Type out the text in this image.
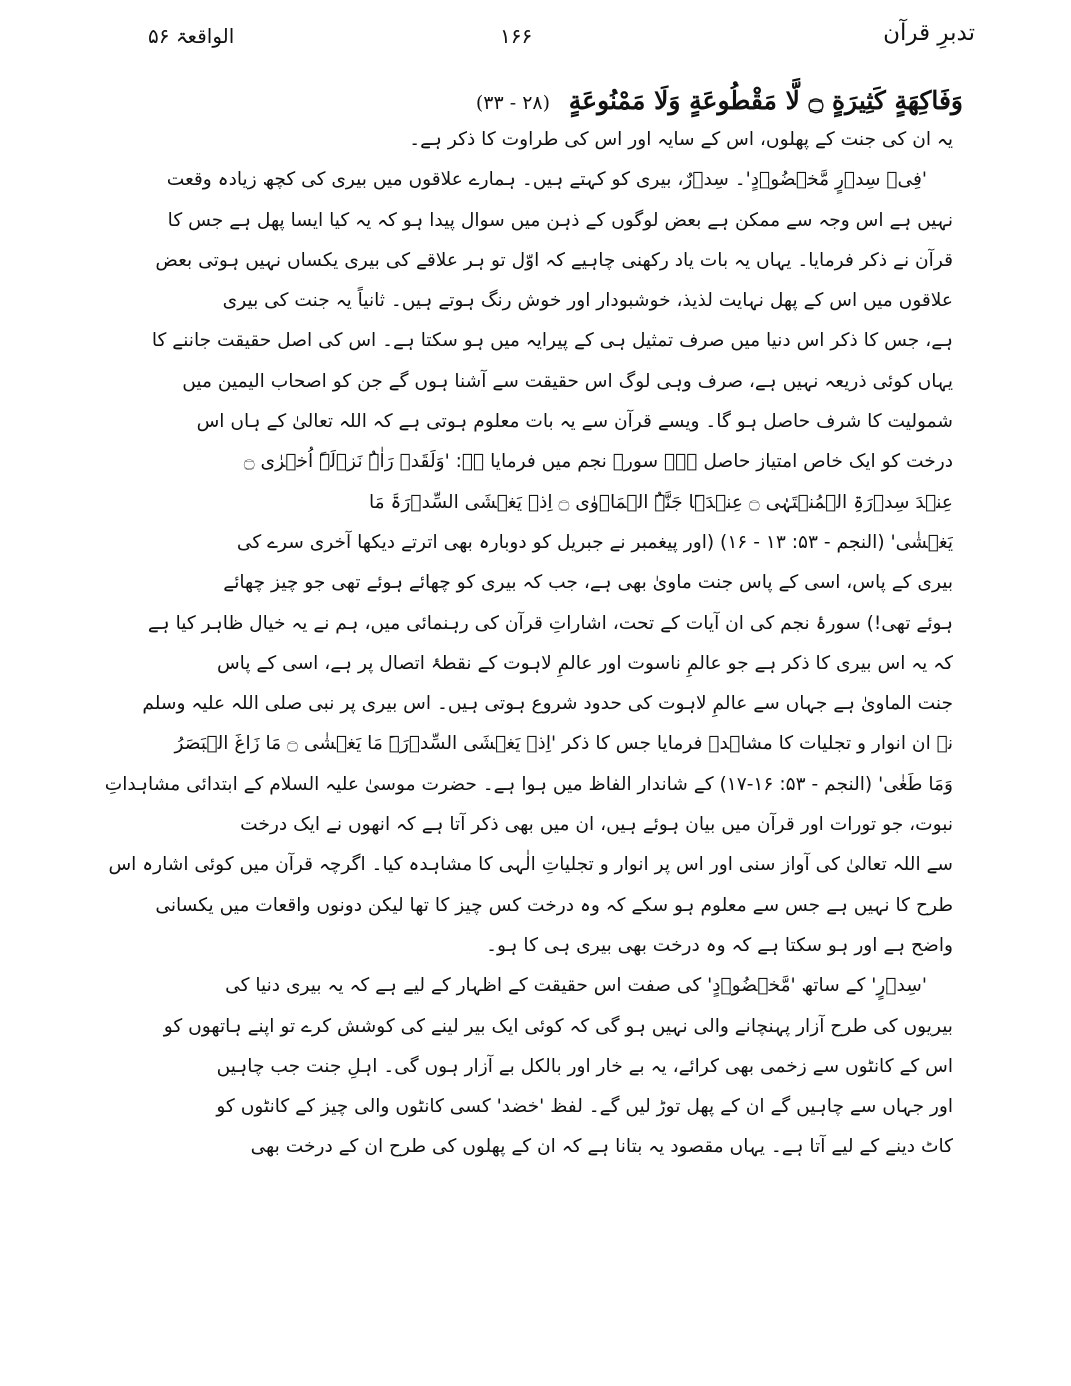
تدبرِ قرآن
۱۶۶
الواقعۃ ۵۶
وَفَاكِهَةٍ كَثِيرَةٍ ۝ لَّا مَقْطُوعَةٍ وَلَا مَمْنُوعَةٍ (۲۸ - ۳۳)
یہ ان کی جنت کے پھلوں، اس کے سایہ اور اس کی طراوت کا ذکر ہے۔
'فِیۡ سِدۡرٍ مَّخۡضُوۡدٍ'۔ سِدۡرٌ، بیری کو کہتے ہیں۔ ہمارے علاقوں میں بیری کی کچھ زیادہ وقعت
نہیں ہے اس وجہ سے ممکن ہے بعض لوگوں کے ذہن میں سوال پیدا ہو کہ یہ کیا ایسا پھل ہے جس کا
قرآن نے ذکر فرمایا۔ یہاں یہ بات یاد رکھنی چاہیے کہ اوّل تو ہر علاقے کی بیری یکساں نہیں ہوتی بعض
علاقوں میں اس کے پھل نہایت لذیذ، خوشبودار اور خوش رنگ ہوتے ہیں۔ ثانیاً یہ جنت کی بیری
ہے، جس کا ذکر اس دنیا میں صرف تمثیل ہی کے پیرایہ میں ہو سکتا ہے۔ اس کی اصل حقیقت جاننے کا
یہاں کوئی ذریعہ نہیں ہے، صرف وہی لوگ اس حقیقت سے آشنا ہوں گے جن کو اصحاب الیمین میں
شمولیت کا شرف حاصل ہو گا۔ ویسے قرآن سے یہ بات معلوم ہوتی ہے کہ اللہ تعالیٰ کے ہاں اس
درخت کو ایک خاص امتیاز حاصل ہے۔ سورۂ نجم میں فرمایا ہے: 'وَلَقَدۡ رَاٰہُ نَزۡلَۃً اُخۡرٰی ۝
عِنۡدَ سِدۡرَۃِ الۡمُنۡتَہٰی ۝ عِنۡدَہَا جَنَّۃُ الۡمَاۡوٰی ۝ اِذۡ یَغۡشَی السِّدۡرَۃَ مَا
یَغۡشٰی' (النجم - ۵۳: ۱۳ - ۱۶) (اور پیغمبر نے جبریل کو دوبارہ بھی اترتے دیکھا آخری سرے کی
بیری کے پاس، اسی کے پاس جنت ماویٰ بھی ہے، جب کہ بیری کو چھائے ہوئے تھی جو چیز چھائے
ہوئے تھی!) سورۂ نجم کی ان آیات کے تحت، اشاراتِ قرآن کی رہنمائی میں، ہم نے یہ خیال ظاہر کیا ہے
کہ یہ اس بیری کا ذکر ہے جو عالمِ ناسوت اور عالمِ لاہوت کے نقطۂ اتصال پر ہے، اسی کے پاس
جنت الماویٰ ہے جہاں سے عالمِ لاہوت کی حدود شروع ہوتی ہیں۔ اس بیری پر نبی صلی اللہ علیہ وسلم
نے ان انوار و تجلیات کا مشاہدہ فرمایا جس کا ذکر 'اِذۡ یَغۡشَی السِّدۡرَۃَ مَا یَغۡشٰی ۝ مَا زَاغَ الۡبَصَرُ
وَمَا طَغٰی' (النجم - ۵۳: ۱۶-۱۷) کے شاندار الفاظ میں ہوا ہے۔ حضرت موسیٰ علیہ السلام کے ابتدائی مشاہداتِ
نبوت، جو تورات اور قرآن میں بیان ہوئے ہیں، ان میں بھی ذکر آتا ہے کہ انھوں نے ایک درخت
سے اللہ تعالیٰ کی آواز سنی اور اس پر انوار و تجلیاتِ الٰہی کا مشاہدہ کیا۔ اگرچہ قرآن میں کوئی اشارہ اس
طرح کا نہیں ہے جس سے معلوم ہو سکے کہ وہ درخت کس چیز کا تھا لیکن دونوں واقعات میں یکسانی
واضح ہے اور ہو سکتا ہے کہ وہ درخت بھی بیری ہی کا ہو۔
'سِدۡرٍ' کے ساتھ 'مَّخۡضُوۡدٍ' کی صفت اس حقیقت کے اظہار کے لیے ہے کہ یہ بیری دنیا کی
بیریوں کی طرح آزار پہنچانے والی نہیں ہو گی کہ کوئی ایک بیر لینے کی کوشش کرے تو اپنے ہاتھوں کو
اس کے کانٹوں سے زخمی بھی کرائے، یہ بے خار اور بالکل بے آزار ہوں گی۔ اہلِ جنت جب چاہیں
اور جہاں سے چاہیں گے ان کے پھل توڑ لیں گے۔ لفظ 'خضد' کسی کانٹوں والی چیز کے کانٹوں کو
کاٹ دینے کے لیے آتا ہے۔ یہاں مقصود یہ بتانا ہے کہ ان کے پھلوں کی طرح ان کے درخت بھی
